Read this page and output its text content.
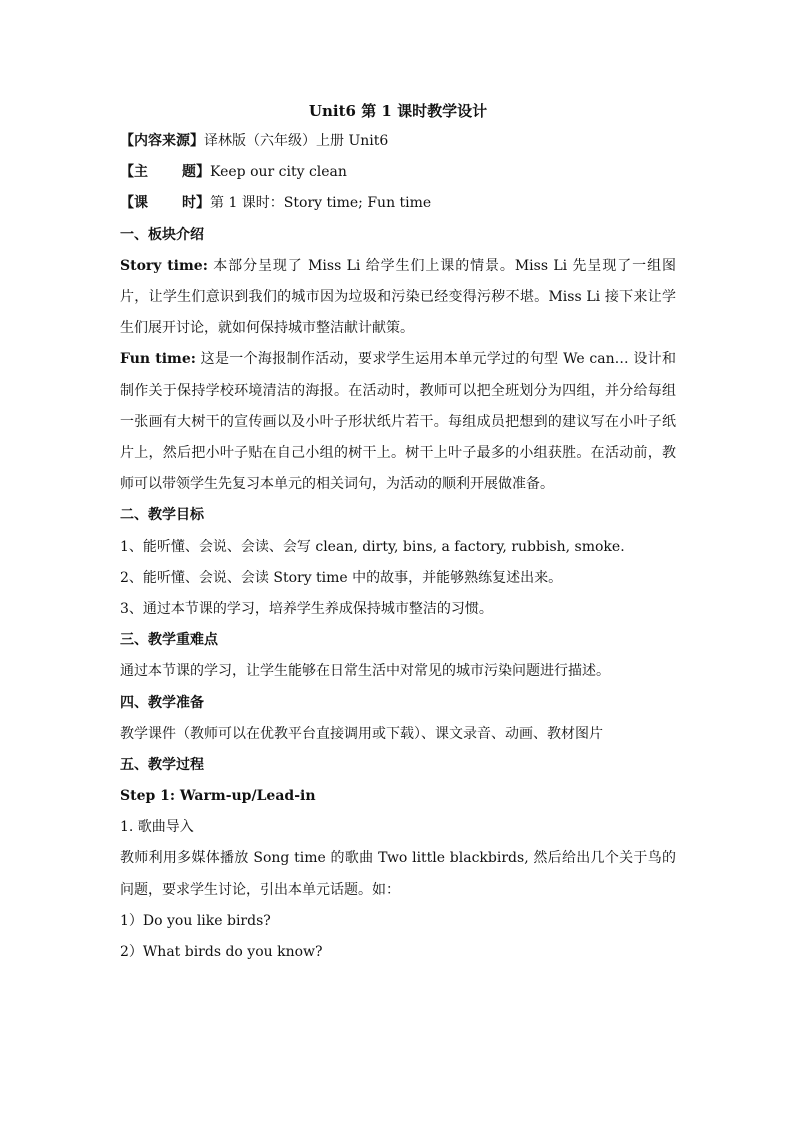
Unit6 第 1 课时教学设计
【内容来源】译林版（六年级）上册 Unit6
【主 题】Keep our city clean
【课 时】第 1 课时：Story time; Fun time
一、板块介绍
Story time: 本部分呈现了 Miss Li 给学生们上课的情景。Miss Li 先呈现了一组图片，让学生们意识到我们的城市因为垃圾和污染已经变得污秽不堪。Miss Li 接下来让学生们展开讨论，就如何保持城市整洁献计献策。
Fun time: 这是一个海报制作活动，要求学生运用本单元学过的句型 We can… 设计和制作关于保持学校环境清洁的海报。在活动时，教师可以把全班划分为四组，并分给每组一张画有大树干的宣传画以及小叶子形状纸片若干。每组成员把想到的建议写在小叶子纸片上，然后把小叶子贴在自己小组的树干上。树干上叶子最多的小组获胜。在活动前，教师可以带领学生先复习本单元的相关词句，为活动的顺利开展做准备。
二、教学目标
1、能听懂、会说、会读、会写 clean, dirty, bins, a factory, rubbish, smoke.
2、能听懂、会说、会读 Story time 中的故事，并能够熟练复述出来。
3、通过本节课的学习，培养学生养成保持城市整洁的习惯。
三、教学重难点
通过本节课的学习，让学生能够在日常生活中对常见的城市污染问题进行描述。
四、教学准备
教学课件（教师可以在优教平台直接调用或下载）、课文录音、动画、教材图片
五、教学过程
Step 1: Warm-up/Lead-in
1. 歌曲导入
教师利用多媒体播放 Song time 的歌曲 Two little blackbirds, 然后给出几个关于鸟的问题，要求学生讨论，引出本单元话题。如：
1）Do you like birds?
2）What birds do you know?
